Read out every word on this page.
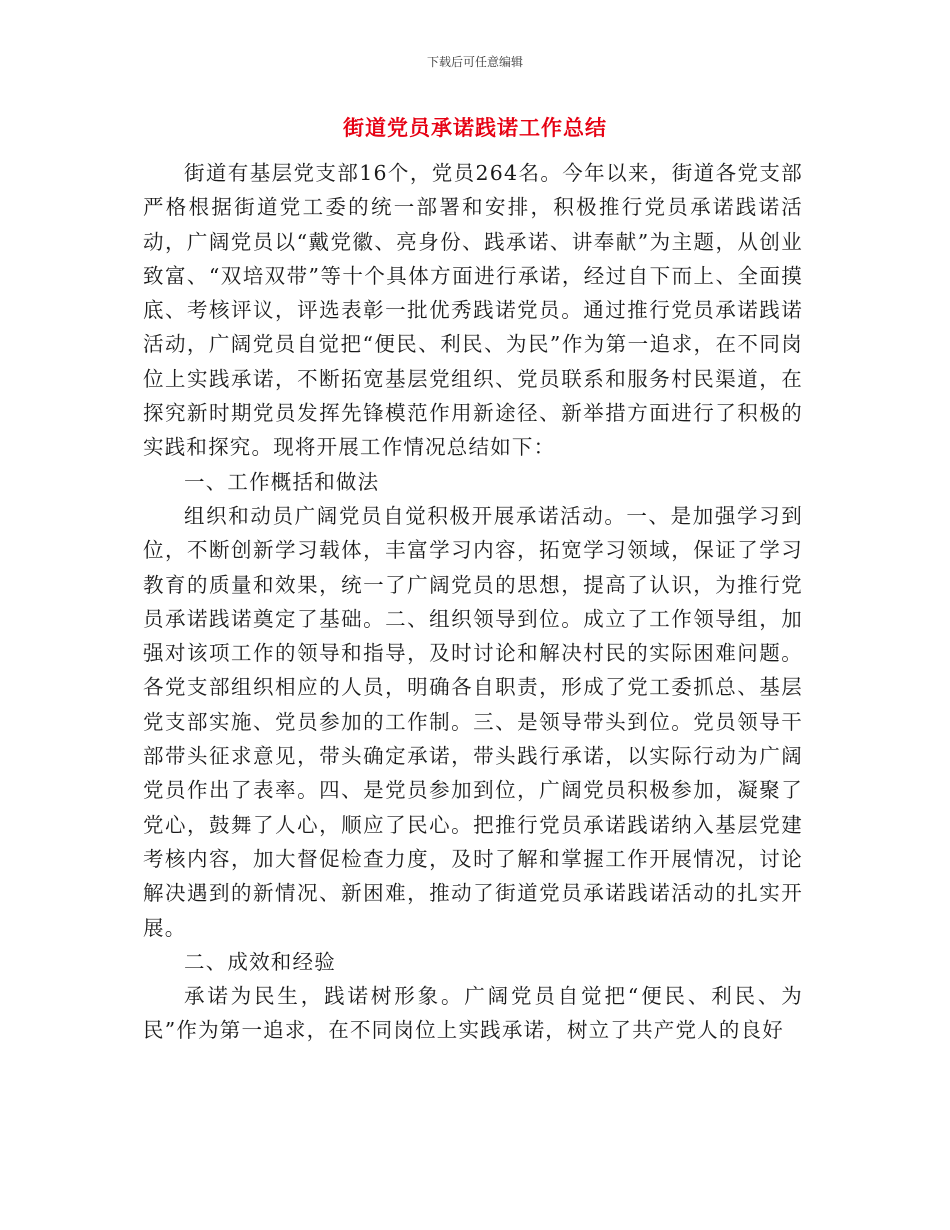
下载后可任意编辑
街道党员承诺践诺工作总结

街道有基层党支部16个，党员264名。今年以来，街道各党支部严格根据街道党工委的统一部署和安排，积极推行党员承诺践诺活动，广阔党员以“戴党徽、亮身份、践承诺、讲奉献”为主题，从创业致富、“双培双带”等十个具体方面进行承诺，经过自下而上、全面摸底、考核评议，评选表彰一批优秀践诺党员。通过推行党员承诺践诺活动，广阔党员自觉把“便民、利民、为民”作为第一追求，在不同岗位上实践承诺，不断拓宽基层党组织、党员联系和服务村民渠道，在探究新时期党员发挥先锋模范作用新途径、新举措方面进行了积极的实践和探究。现将开展工作情况总结如下：

一、工作概括和做法

组织和动员广阔党员自觉积极开展承诺活动。一、是加强学习到位，不断创新学习载体，丰富学习内容，拓宽学习领域，保证了学习教育的质量和效果，统一了广阔党员的思想，提高了认识，为推行党员承诺践诺奠定了基础。二、组织领导到位。成立了工作领导组，加强对该项工作的领导和指导，及时讨论和解决村民的实际困难问题。各党支部组织相应的人员，明确各自职责，形成了党工委抓总、基层党支部实施、党员参加的工作制。三、是领导带头到位。党员领导干部带头征求意见，带头确定承诺，带头践行承诺，以实际行动为广阔党员作出了表率。四、是党员参加到位，广阔党员积极参加，凝聚了党心，鼓舞了人心，顺应了民心。把推行党员承诺践诺纳入基层党建考核内容，加大督促检查力度，及时了解和掌握工作开展情况，讨论解决遇到的新情况、新困难，推动了街道党员承诺践诺活动的扎实开展。

二、成效和经验

承诺为民生，践诺树形象。广阔党员自觉把“便民、利民、为民”作为第一追求，在不同岗位上实践承诺，树立了共产党人的良好
